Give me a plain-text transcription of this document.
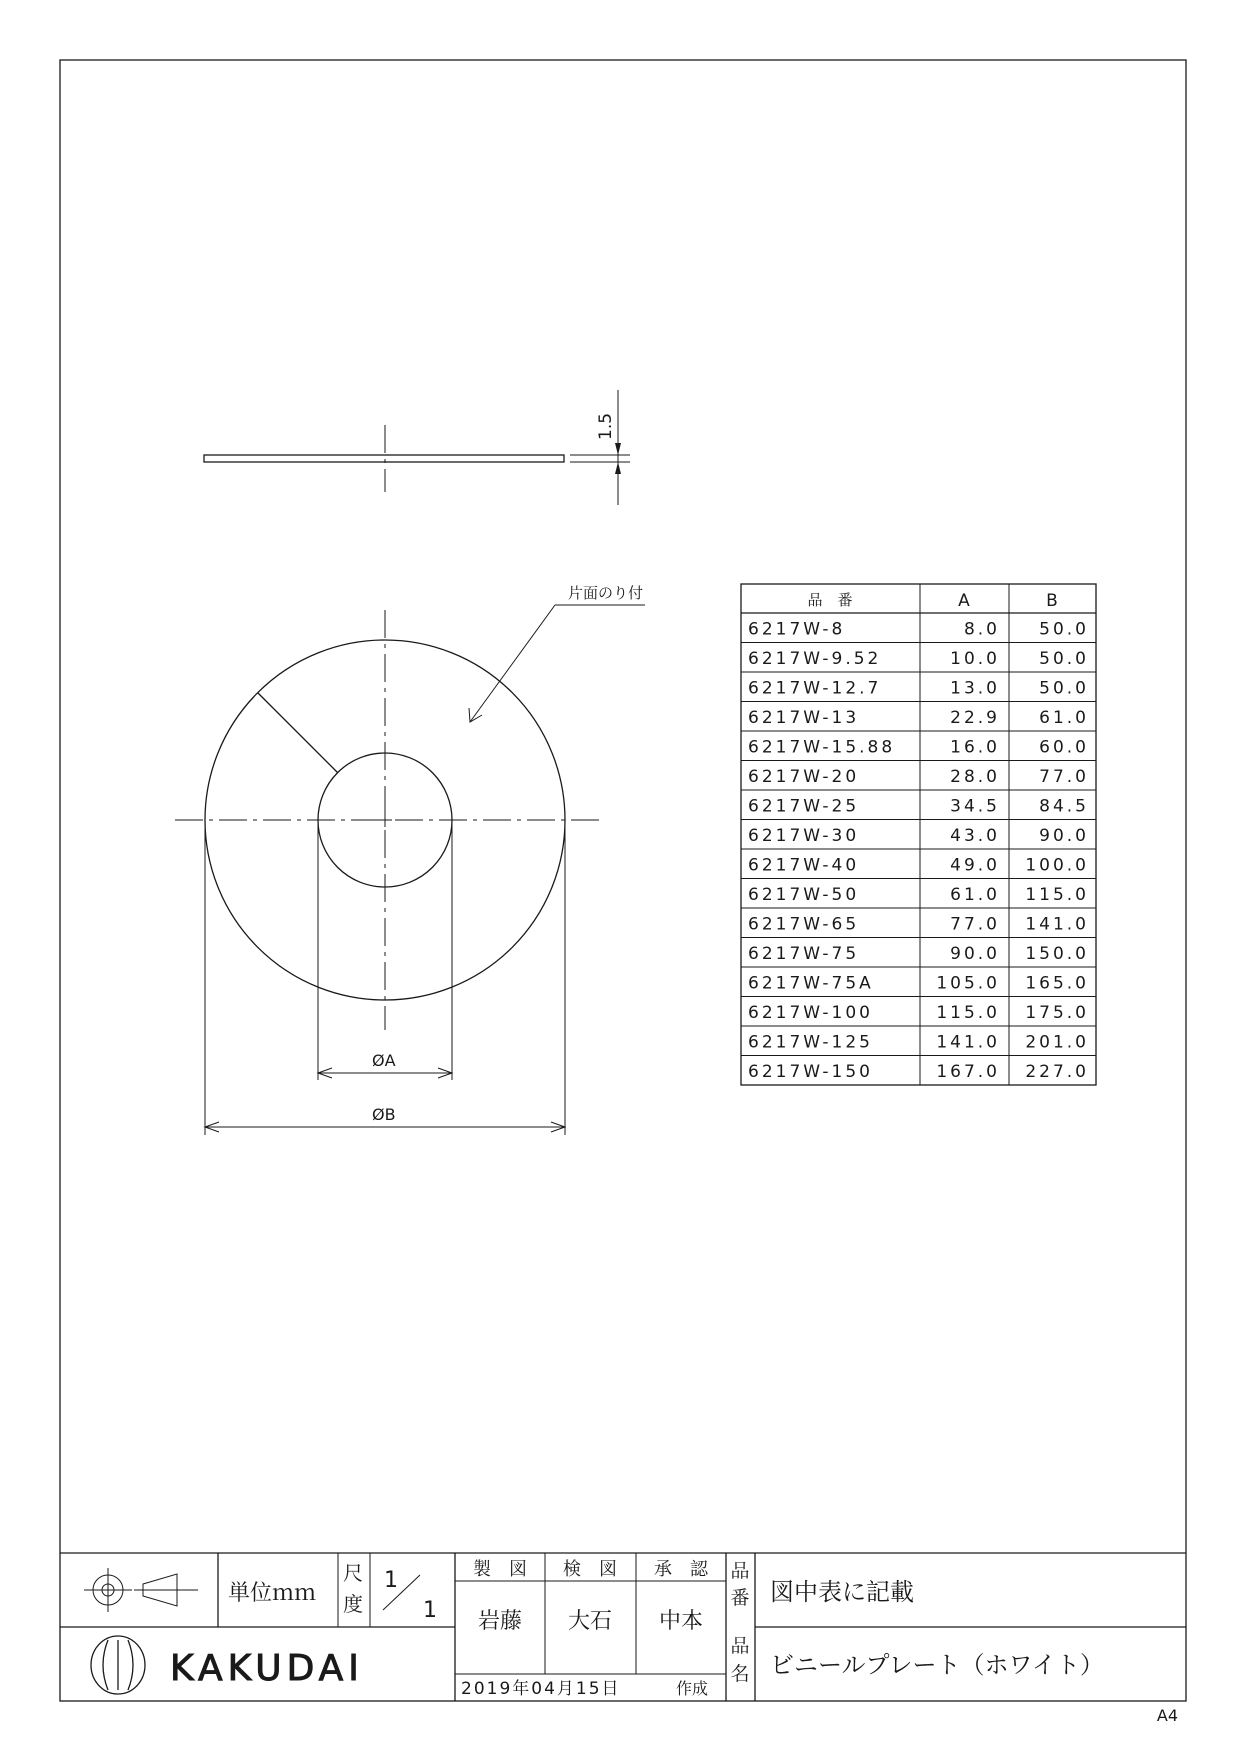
1.5
片面のり付
ØA
ØB
品　番	A	B
6217W-8	8.0 50.0
6217W-9.52	10.0 50.0
6217W-12.7	13.0 50.0
6217W-13	22.9 61.0
6217W-15.88	16.0 60.0
6217W-20	28.0 77.0
6217W-25	34.5 84.5
6217W-30	43.0 90.0
6217W-40	49.0 100.0
6217W-50	61.0 115.0
6217W-65	77.0 141.0
6217W-75	90.0 150.0
6217W-75A	105.0 165.0
6217W-100	115.0 175.0
6217W-125	141.0 201.0
6217W-150	167.0 227.0
単位ｍｍ
尺
度
1
1
製　図 検　図 承　認
岩藤 大石 中本
品
番 図中表に記載
品
名 ビニールプレート（ホワイト）
2019年04月15日	作成
KAKUDAI
A4
